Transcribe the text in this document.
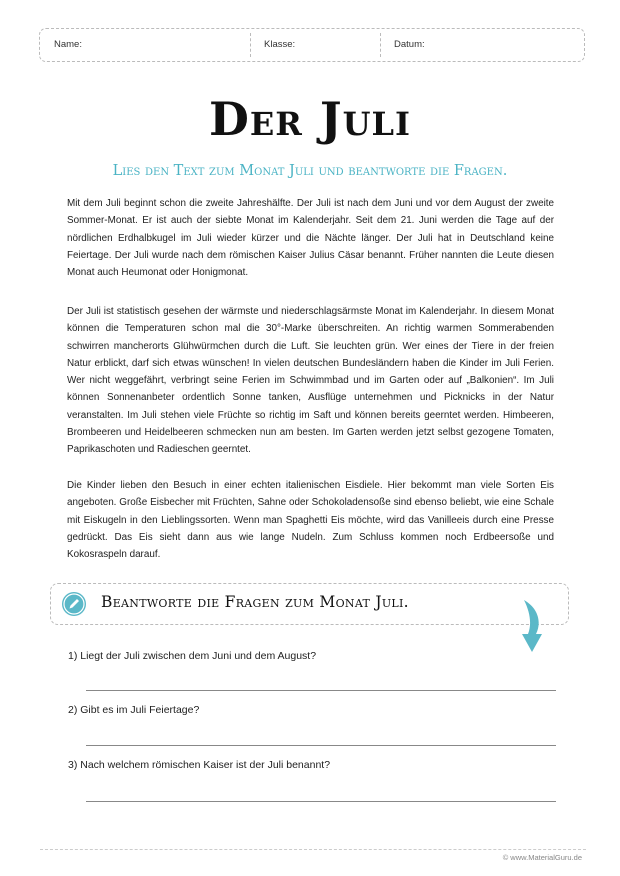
Name:	Klasse:	Datum:
Der Juli
Lies den Text zum Monat Juli und beantworte die Fragen.

Mit dem Juli beginnt schon die zweite Jahreshälfte. Der Juli ist nach dem Juni und vor dem August der zweite Sommer-Monat. Er ist auch der siebte Monat im Kalenderjahr. Seit dem 21. Juni werden die Tage auf der nördlichen Erdhalbkugel im Juli wieder kürzer und die Nächte länger. Der Juli hat in Deutschland keine Feiertage. Der Juli wurde nach dem römischen Kaiser Julius Cäsar benannt. Früher nannten die Leute diesen Monat auch Heumonat oder Honigmonat.

Der Juli ist statistisch gesehen der wärmste und niederschlagsärmste Monat im Kalenderjahr. In diesem Monat können die Temperaturen schon mal die 30°-Marke überschreiten. An richtig warmen Sommerabenden schwirren mancherorts Glühwürmchen durch die Luft. Sie leuchten grün. Wer eines der Tiere in der freien Natur erblickt, darf sich etwas wünschen! In vielen deutschen Bundesländern haben die Kinder im Juli Ferien. Wer nicht weggefährt, verbringt seine Ferien im Schwimmbad und im Garten oder auf „Balkonien“. Im Juli können Sonnenanbeter ordentlich Sonne tanken, Ausflüge unternehmen und Picknicks in der Natur veranstalten. Im Juli stehen viele Früchte so richtig im Saft und können bereits geerntet werden. Himbeeren, Brombeeren und Heidelbeeren schmecken nun am besten. Im Garten werden jetzt selbst gezogene Tomaten, Paprikaschoten und Radieschen geerntet.

Die Kinder lieben den Besuch in einer echten italienischen Eisdiele. Hier bekommt man viele Sorten Eis angeboten. Große Eisbecher mit Früchten, Sahne oder Schokoladensoße sind ebenso beliebt, wie eine Schale mit Eiskugeln in den Lieblingssorten. Wenn man Spaghetti Eis möchte, wird das Vanilleeis durch eine Presse gedrückt. Das Eis sieht dann aus wie lange Nudeln. Zum Schluss kommen noch Erdbeersoße und Kokosraspeln darauf.

Beantworte die Fragen zum Monat Juli.
1) Liegt der Juli zwischen dem Juni und dem August?
2) Gibt es im Juli Feiertage?
3) Nach welchem römischen Kaiser ist der Juli benannt?
© www.MaterialGuru.de
